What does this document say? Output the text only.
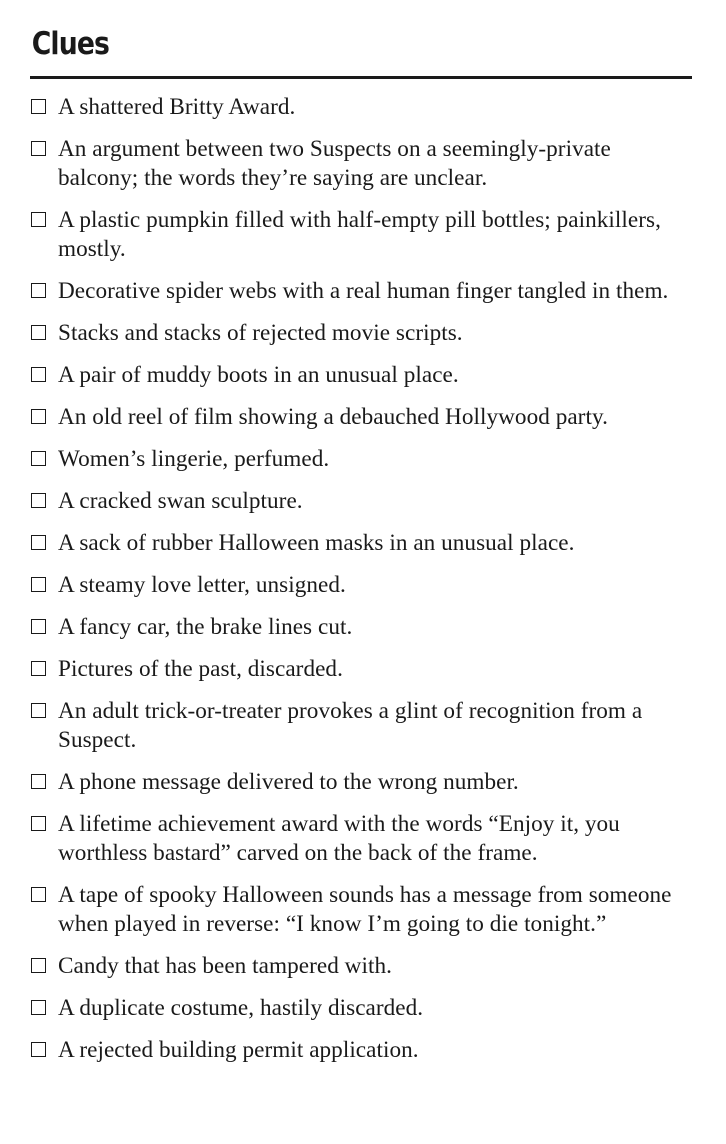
Clues
A shattered Britty Award.
An argument between two Suspects on a seemingly-private balcony; the words they’re saying are unclear.
A plastic pumpkin filled with half-empty pill bottles; painkillers, mostly.
Decorative spider webs with a real human finger tangled in them.
Stacks and stacks of rejected movie scripts.
A pair of muddy boots in an unusual place.
An old reel of film showing a debauched Hollywood party.
Women’s lingerie, perfumed.
A cracked swan sculpture.
A sack of rubber Halloween masks in an unusual place.
A steamy love letter, unsigned.
A fancy car, the brake lines cut.
Pictures of the past, discarded.
An adult trick-or-treater provokes a glint of recognition from a Suspect.
A phone message delivered to the wrong number.
A lifetime achievement award with the words “Enjoy it, you worthless bastard” carved on the back of the frame.
A tape of spooky Halloween sounds has a message from someone when played in reverse: “I know I’m going to die tonight.”
Candy that has been tampered with.
A duplicate costume, hastily discarded.
A rejected building permit application.
